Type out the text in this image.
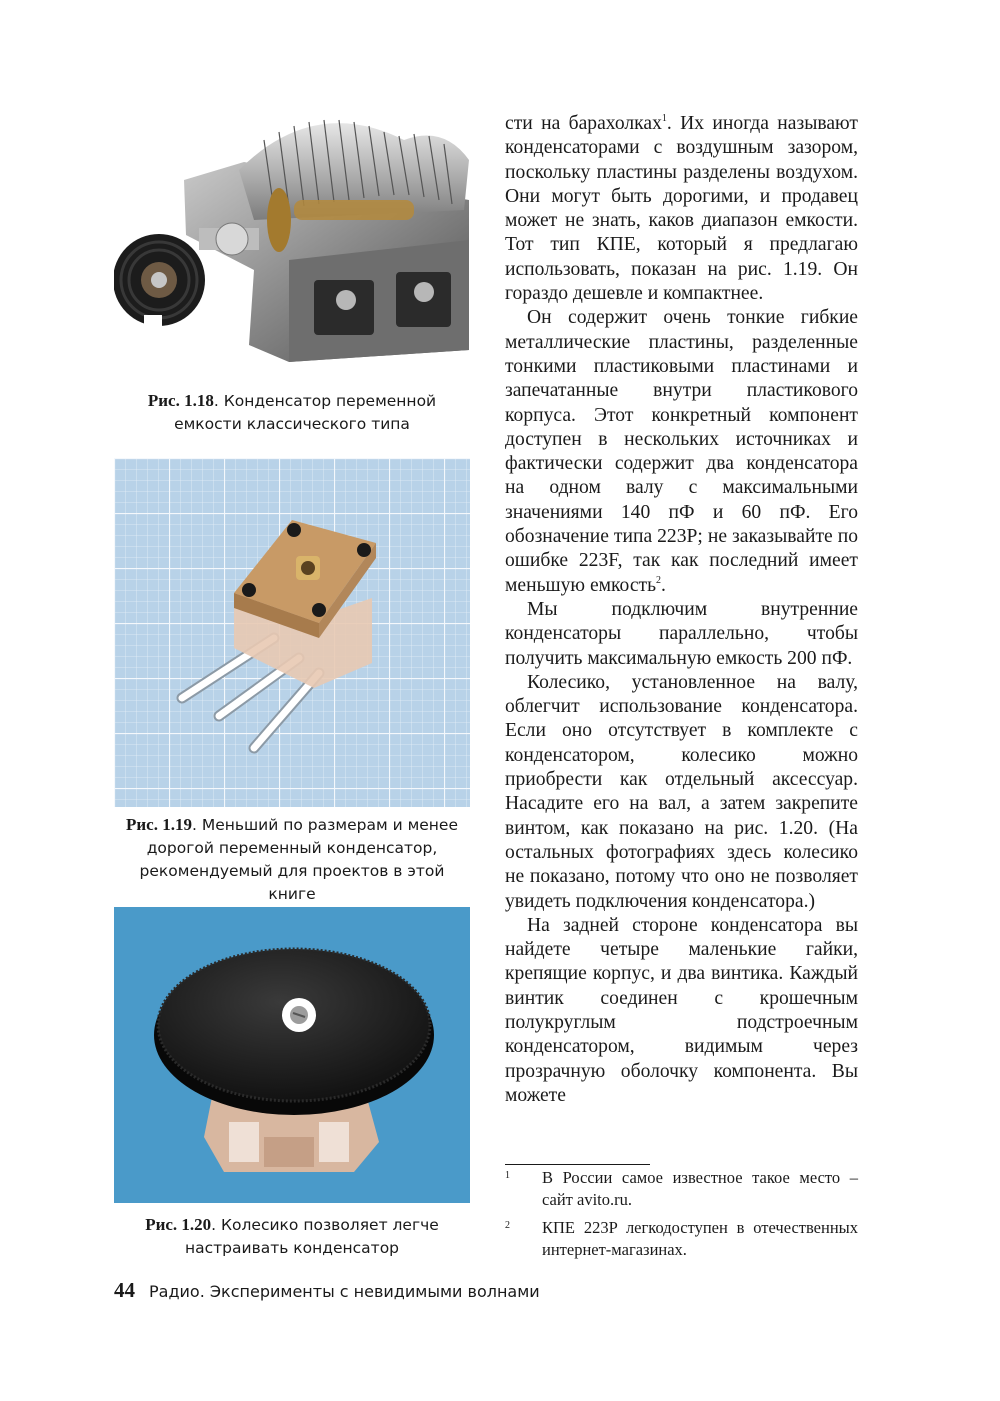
Рис. 1.18. Конденсатор переменной емкости классического типа
Рис. 1.19. Меньший по размерам и менее дорогой переменный конденсатор, рекомендуемый для проектов в этой книге
Рис. 1.20. Колесико позволяет легче настраивать конденсатор

сти на барахолках$^1$. Их иногда называют конденсаторами с воздушным зазором, поскольку пластины разделены воздухом. Они могут быть дорогими, и продавец может не знать, каков диапазон емкости. Тот тип КПЕ, который я предлагаю использовать, показан на рис. 1.19. Он гораздо дешевле и компактнее.

Он содержит очень тонкие гибкие металлические пластины, разделенные тонкими пластиковыми пластинами и запечатанные внутри пластикового корпуса. Этот конкретный компонент доступен в нескольких источниках и фактически содержит два конденсатора на одном валу с максимальными значениями 140 пФ и 60 пФ. Его обозначение типа 223P; не заказывайте по ошибке 223F, так как последний имеет меньшую емкость$^2$.

Мы подключим внутренние конденсаторы параллельно, чтобы получить максимальную емкость 200 пФ.

Колесико, установленное на валу, облегчит использование конденсатора. Если оно отсутствует в комплекте с конденсатором, колесико можно приобрести как отдельный аксессуар. Насадите его на вал, а затем закрепите винтом, как показано на рис. 1.20. (На остальных фотографиях здесь колесико не показано, потому что оно не позволяет увидеть подключения конденсатора.)

На задней стороне конденсатора вы найдете четыре маленькие гайки, крепящие корпус, и два винтика. Каждый винтик соединен с крошечным полукруглым подстроечным конденсатором, видимым через прозрачную оболочку компонента. Вы можете

1 В России самое известное такое место – сайт avito.ru.
2 КПЕ 223P легкодоступен в отечественных интернет-магазинах.
44 Радио. Эксперименты с невидимыми волнами
